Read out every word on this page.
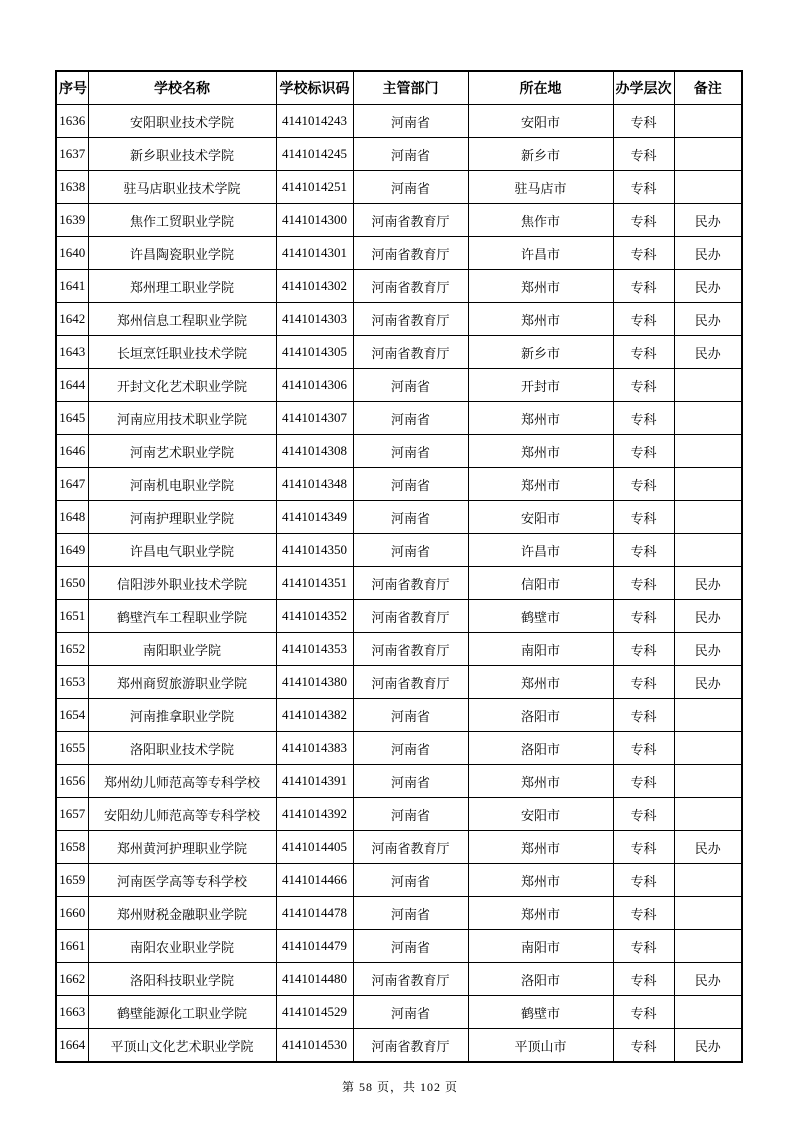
序号	学校名称	学校标识码	主管部门	所在地	办学层次	备注
1636	安阳职业技术学院	4141014243	河南省	安阳市	专科	
1637	新乡职业技术学院	4141014245	河南省	新乡市	专科	
1638	驻马店职业技术学院	4141014251	河南省	驻马店市	专科	
1639	焦作工贸职业学院	4141014300	河南省教育厅	焦作市	专科	民办
1640	许昌陶瓷职业学院	4141014301	河南省教育厅	许昌市	专科	民办
1641	郑州理工职业学院	4141014302	河南省教育厅	郑州市	专科	民办
1642	郑州信息工程职业学院	4141014303	河南省教育厅	郑州市	专科	民办
1643	长垣烹饪职业技术学院	4141014305	河南省教育厅	新乡市	专科	民办
1644	开封文化艺术职业学院	4141014306	河南省	开封市	专科	
1645	河南应用技术职业学院	4141014307	河南省	郑州市	专科	
1646	河南艺术职业学院	4141014308	河南省	郑州市	专科	
1647	河南机电职业学院	4141014348	河南省	郑州市	专科	
1648	河南护理职业学院	4141014349	河南省	安阳市	专科	
1649	许昌电气职业学院	4141014350	河南省	许昌市	专科	
1650	信阳涉外职业技术学院	4141014351	河南省教育厅	信阳市	专科	民办
1651	鹤壁汽车工程职业学院	4141014352	河南省教育厅	鹤壁市	专科	民办
1652	南阳职业学院	4141014353	河南省教育厅	南阳市	专科	民办
1653	郑州商贸旅游职业学院	4141014380	河南省教育厅	郑州市	专科	民办
1654	河南推拿职业学院	4141014382	河南省	洛阳市	专科	
1655	洛阳职业技术学院	4141014383	河南省	洛阳市	专科	
1656	郑州幼儿师范高等专科学校	4141014391	河南省	郑州市	专科	
1657	安阳幼儿师范高等专科学校	4141014392	河南省	安阳市	专科	
1658	郑州黄河护理职业学院	4141014405	河南省教育厅	郑州市	专科	民办
1659	河南医学高等专科学校	4141014466	河南省	郑州市	专科	
1660	郑州财税金融职业学院	4141014478	河南省	郑州市	专科	
1661	南阳农业职业学院	4141014479	河南省	南阳市	专科	
1662	洛阳科技职业学院	4141014480	河南省教育厅	洛阳市	专科	民办
1663	鹤壁能源化工职业学院	4141014529	河南省	鹤壁市	专科	
1664	平顶山文化艺术职业学院	4141014530	河南省教育厅	平顶山市	专科	民办
第 58 页，共 102 页
